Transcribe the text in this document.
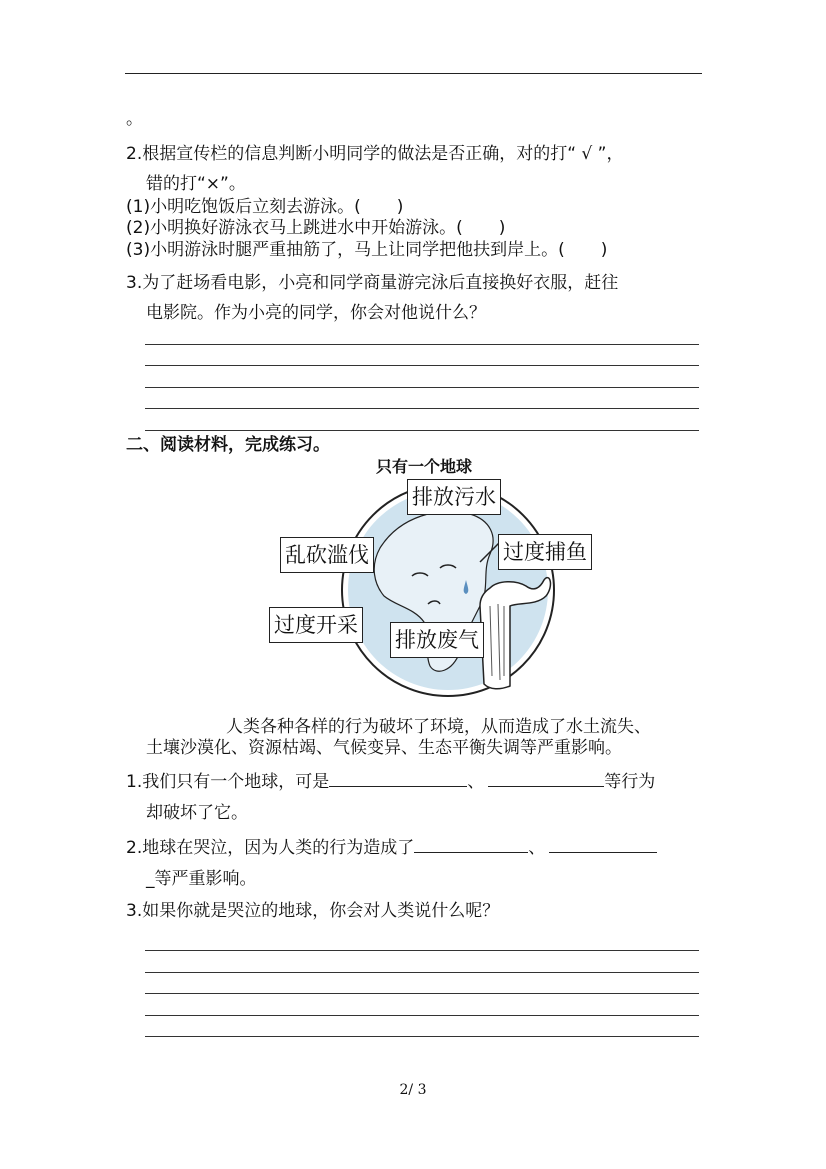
。
2.根据宣传栏的信息判断小明同学的做法是否正确，对的打“ √ ”，
错的打“×”。
(1)小明吃饱饭后立刻去游泳。( )
(2)小明换好游泳衣马上跳进水中开始游泳。( )
(3)小明游泳时腿严重抽筋了，马上让同学把他扶到岸上。( )
3.为了赶场看电影，小亮和同学商量游完泳后直接换好衣服，赶往
电影院。作为小亮的同学，你会对他说什么？
二、阅读材料，完成练习。
只有一个地球
排放污水
乱砍滥伐	过度捕鱼
过度开采
排放废气
人类各种各样的行为破坏了环境，从而造成了水土流失、
土壤沙漠化、资源枯竭、气候变异、生态平衡失调等严重影响。
1.我们只有一个地球，可是	、	等行为
却破坏了它。
2.地球在哭泣，因为人类的行为造成了	、
_等严重影响。
3.如果你就是哭泣的地球，你会对人类说什么呢？
2/ 3
